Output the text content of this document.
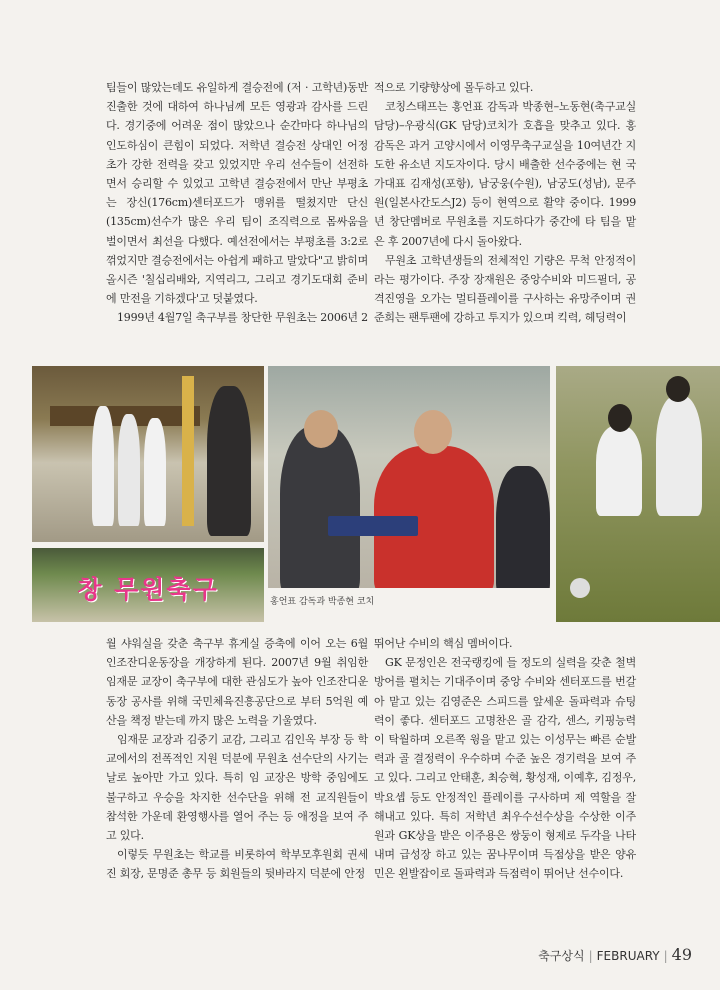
팀들이 많았는데도 유일하게 결승전에 (저 · 고학년)동반 진출한 것에 대하여 하나님께 모든 영광과 감사를 드린다. 경기중에 어려운 점이 많았으나 순간마다 하나님의 인도하심이 큰힘이 되었다. 저학년 결승전 상대인 어정초가 강한 전력을 갖고 있었지만 우리 선수들이 선전하면서 승리할 수 있었고 고학년 결승전에서 만난 부평초는 장신(176cm)센터포드가 맹위를 떨쳤지만 단신(135cm)선수가 많은 우리 팀이 조직력으로 몸싸움을 벌이면서 최선을 다했다. 예선전에서는 부평초를 3:2로 꺾었지만 결승전에서는 아쉽게 패하고 말았다"고 밝히며 올시즌 '칠십리배와, 지역리그, 그리고 경기도대회 준비에 만전을 기하겠다'고 덧붙였다.

1999년 4월7일 축구부를 창단한 무원초는 2006년 2

적으로 기량향상에 몰두하고 있다.

코칭스태프는 홍언표 감독과 박종현–노동현(축구교실 담당)–우광식(GK 담당)코치가 호흡을 맞추고 있다. 홍 감독은 과거 고양시에서 이영무축구교실을 10여년간 지도한 유소년 지도자이다. 당시 배출한 선수중에는 현 국가대표 김재성(포항), 남궁웅(수원), 남궁도(성남), 문주원(일본사간도스J2) 등이 현역으로 활약 중이다. 1999년 창단멤버로 무원초를 지도하다가 중간에 타 팀을 맡은 후 2007년에 다시 돌아왔다.

무원초 고학년생들의 전체적인 기량은 무척 안정적이라는 평가이다. 주장 장재원은 중앙수비와 미드필더, 공격진영을 오가는 멀티플레이를 구사하는 유망주이며 권준희는 팬투팬에 강하고 투지가 있으며 킥력, 헤딩력이

창 무원축구	홍언표 감독과 박종현 코치

월 샤워실을 갖춘 축구부 휴게실 증축에 이어 오는 6월 인조잔디운동장을 개장하게 된다. 2007년 9월 취임한 임재문 교장이 축구부에 대한 관심도가 높아 인조잔디운동장 공사를 위해 국민체육진흥공단으로 부터 5억원 예산을 책정 받는데 까지 많은 노력을 기울였다.

임재문 교장과 김중기 교감, 그리고 김인옥 부장 등 학교에서의 전폭적인 지원 덕분에 무원초 선수단의 사기는 날로 높아만 가고 있다. 특히 임 교장은 방학 중임에도 불구하고 우승을 차지한 선수단을 위해 전 교직원들이 참석한 가운데 환영행사를 열어 주는 등 애정을 보여 주고 있다.

이렇듯 무원초는 학교를 비롯하여 학부모후원회 권세진 회장, 문명준 총무 등 회원들의 뒷바라지 덕분에 안정

뛰어난 수비의 핵심 멤버이다.

GK 문정인은 전국랭킹에 들 정도의 실력을 갖춘 철벽 방어를 펼치는 기대주이며 중앙 수비와 센터포드를 번갈아 맡고 있는 김영준은 스피드를 앞세운 돌파력과 슈팅력이 좋다. 센터포드 고명찬은 골 감각, 센스, 키핑능력이 탁월하며 오른쪽 윙을 맡고 있는 이성무는 빠른 순발력과 골 결정력이 우수하며 수준 높은 경기력을 보여 주고 있다. 그리고 안태훈, 최승혁, 황성재, 이예후, 김정우, 박요셉 등도 안정적인 플레이를 구사하며 제 역할을 잘해내고 있다. 특히 저학년 최우수선수상을 수상한 이주원과 GK상을 받은 이주용은 쌍둥이 형제로 두각을 나타내며 급성장 하고 있는 꿈나무이며 득점상을 받은 양유민은 왼발잡이로 돌파력과 득점력이 뛰어난 선수이다.

축구상식 | FEBRUARY | 49
